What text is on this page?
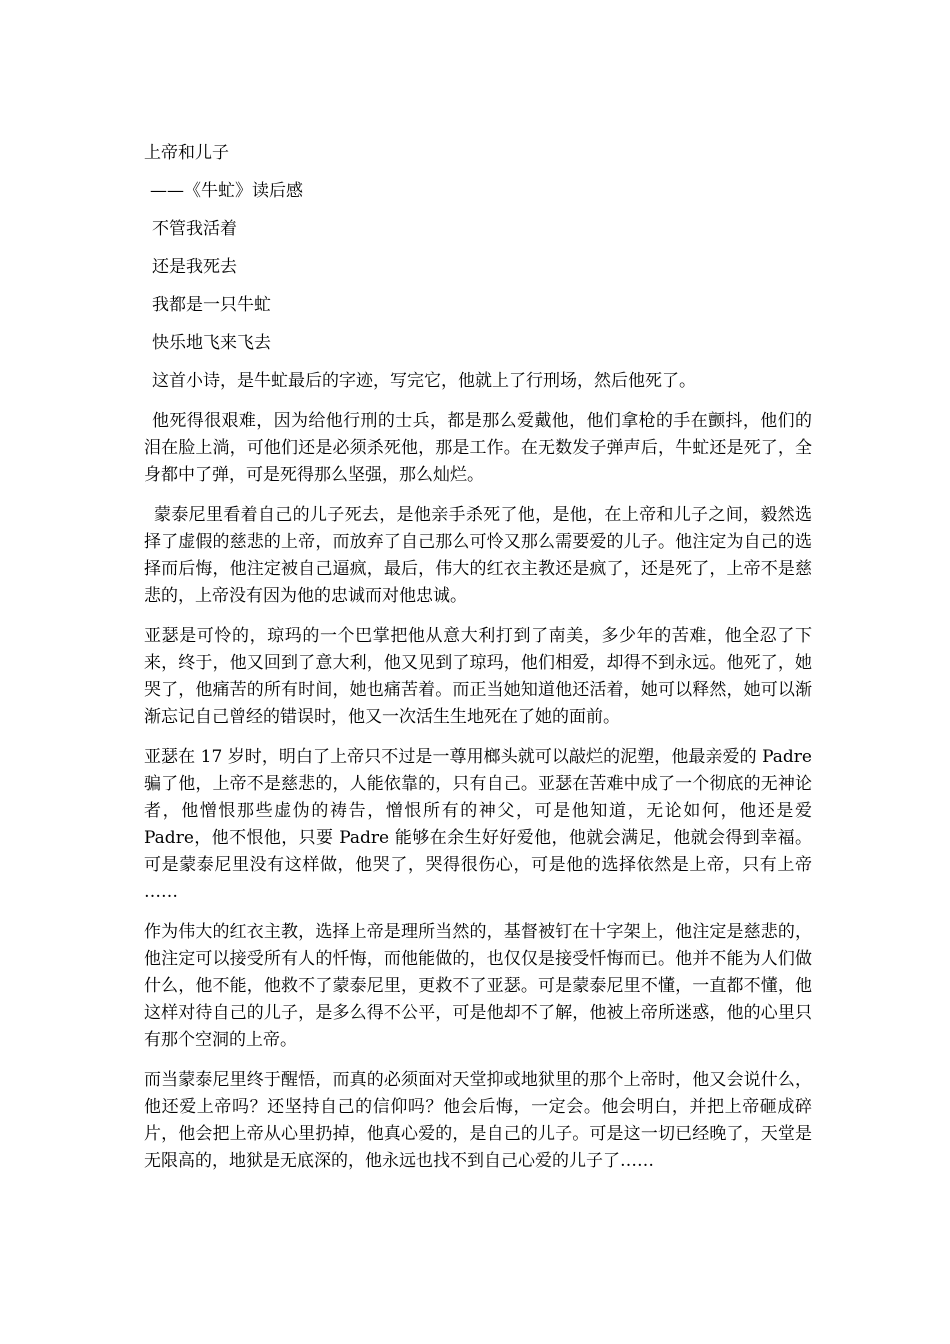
上帝和儿子
——《牛虻》读后感
不管我活着
还是我死去
我都是一只牛虻
快乐地飞来飞去

这首小诗，是牛虻最后的字迹，写完它，他就上了行刑场，然后他死了。

他死得很艰难，因为给他行刑的士兵，都是那么爱戴他，他们拿枪的手在颤抖，他们的泪在脸上淌，可他们还是必须杀死他，那是工作。在无数发子弹声后，牛虻还是死了，全身都中了弹，可是死得那么坚强，那么灿烂。

蒙泰尼里看着自己的儿子死去，是他亲手杀死了他，是他，在上帝和儿子之间，毅然选择了虚假的慈悲的上帝，而放弃了自己那么可怜又那么需要爱的儿子。他注定为自己的选择而后悔，他注定被自己逼疯，最后，伟大的红衣主教还是疯了，还是死了，上帝不是慈悲的，上帝没有因为他的忠诚而对他忠诚。

亚瑟是可怜的，琼玛的一个巴掌把他从意大利打到了南美，多少年的苦难，他全忍了下来，终于，他又回到了意大利，他又见到了琼玛，他们相爱，却得不到永远。他死了，她哭了，他痛苦的所有时间，她也痛苦着。而正当她知道他还活着，她可以释然，她可以渐渐忘记自己曾经的错误时，他又一次活生生地死在了她的面前。

亚瑟在 17 岁时，明白了上帝只不过是一尊用榔头就可以敲烂的泥塑，他最亲爱的 Padre 骗了他，上帝不是慈悲的，人能依靠的，只有自己。亚瑟在苦难中成了一个彻底的无神论者，他憎恨那些虚伪的祷告，憎恨所有的神父，可是他知道，无论如何，他还是爱 Padre，他不恨他，只要 Padre 能够在余生好好爱他，他就会满足，他就会得到幸福。可是蒙泰尼里没有这样做，他哭了，哭得很伤心，可是他的选择依然是上帝，只有上帝 ……

作为伟大的红衣主教，选择上帝是理所当然的，基督被钉在十字架上，他注定是慈悲的，他注定可以接受所有人的忏悔，而他能做的，也仅仅是接受忏悔而已。他并不能为人们做什么，他不能，他救不了蒙泰尼里，更救不了亚瑟。可是蒙泰尼里不懂，一直都不懂，他这样对待自己的儿子，是多么得不公平，可是他却不了解，他被上帝所迷惑，他的心里只有那个空洞的上帝。

而当蒙泰尼里终于醒悟，而真的必须面对天堂抑或地狱里的那个上帝时，他又会说什么，他还爱上帝吗？还坚持自己的信仰吗？他会后悔，一定会。他会明白，并把上帝砸成碎片，他会把上帝从心里扔掉，他真心爱的，是自己的儿子。可是这一切已经晚了，天堂是无限高的，地狱是无底深的，他永远也找不到自己心爱的儿子了……
